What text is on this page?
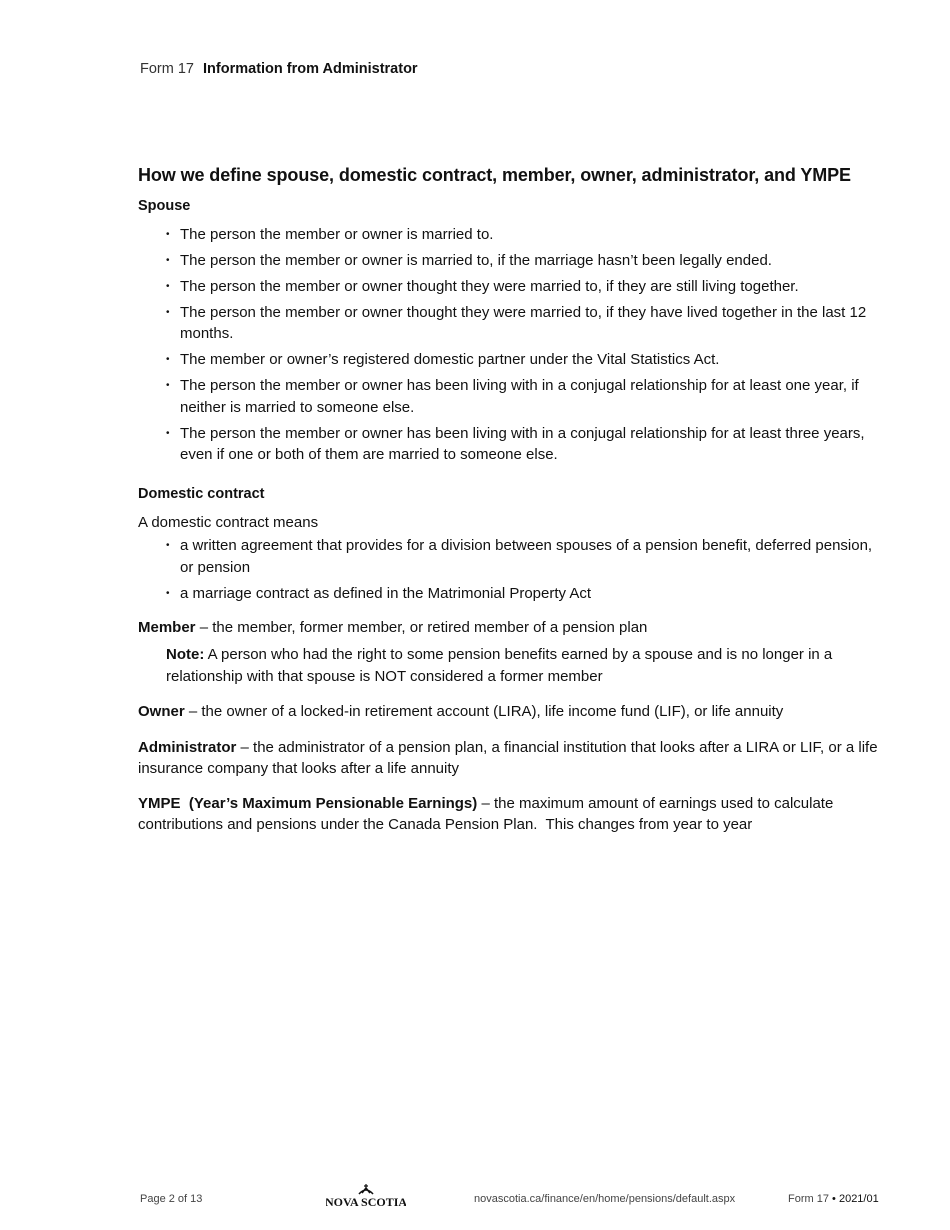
Form 17 Information from Administrator
How we define spouse, domestic contract, member, owner, administrator, and YMPE
Spouse
• The person the member or owner is married to.
• The person the member or owner is married to, if the marriage hasn’t been legally ended.
• The person the member or owner thought they were married to, if they are still living together.
• The person the member or owner thought they were married to, if they have lived together in the last 12 months.
• The member or owner’s registered domestic partner under the Vital Statistics Act.
• The person the member or owner has been living with in a conjugal relationship for at least one year, if neither is married to someone else.
• The person the member or owner has been living with in a conjugal relationship for at least three years, even if one or both of them are married to someone else.
Domestic contract
A domestic contract means
• a written agreement that provides for a division between spouses of a pension benefit, deferred pension, or pension
• a marriage contract as defined in the Matrimonial Property Act
Member – the member, former member, or retired member of a pension plan
Note: A person who had the right to some pension benefits earned by a spouse and is no longer in a relationship with that spouse is NOT considered a former member
Owner – the owner of a locked-in retirement account (LIRA), life income fund (LIF), or life annuity
Administrator – the administrator of a pension plan, a financial institution that looks after a LIRA or LIF, or a life insurance company that looks after a life annuity
YMPE  (Year’s Maximum Pensionable Earnings) – the maximum amount of earnings used to calculate contributions and pensions under the Canada Pension Plan.  This changes from year to year
Page 2 of 13	NOVA SCOTIA	novascotia.ca/finance/en/home/pensions/default.aspx	Form 17 • 2021/01
